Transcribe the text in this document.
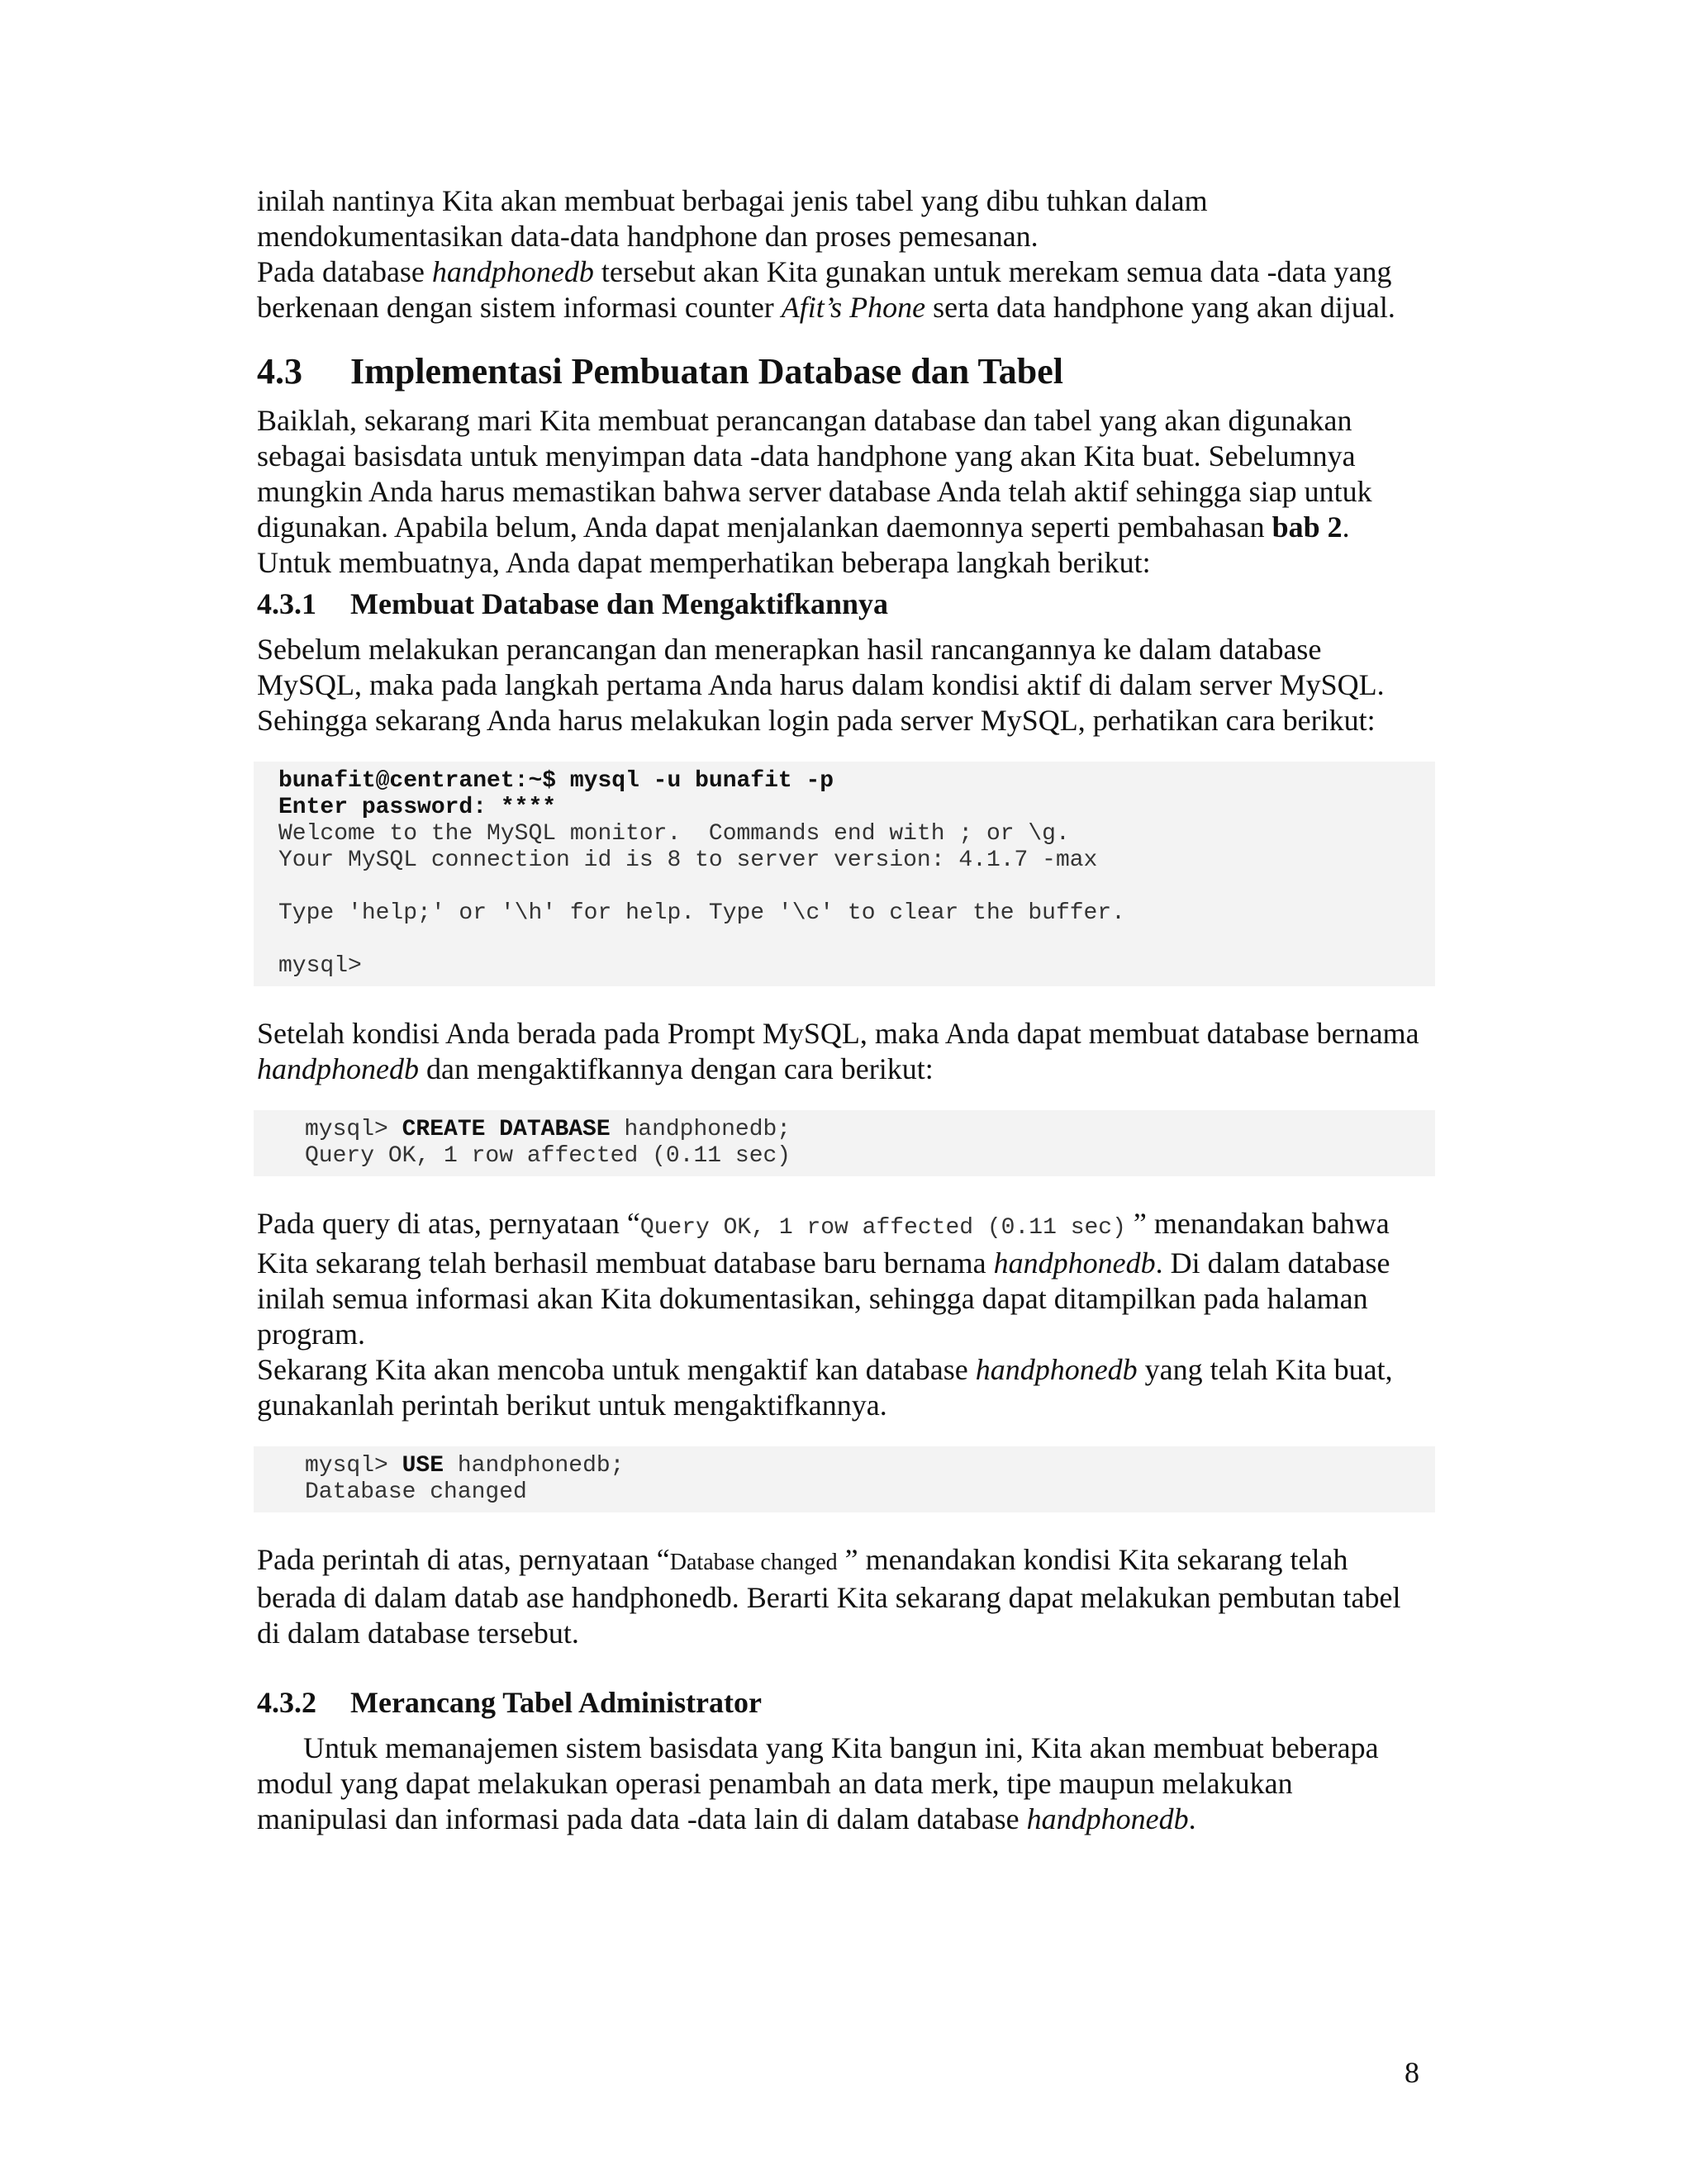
inilah nantinya Kita akan membuat berbagai jenis tabel yang dibu tuhkan dalam mendokumentasikan data-data handphone dan proses pemesanan.

Pada database handphonedb tersebut akan Kita gunakan untuk merekam semua data -data yang berkenaan dengan sistem informasi counter Afit’s Phone serta data handphone yang akan dijual.

4.3	Implementasi Pembuatan Database dan Tabel

Baiklah, sekarang mari Kita membuat perancangan database dan tabel yang akan digunakan sebagai basisdata untuk menyimpan data -data handphone yang akan Kita buat. Sebelumnya mungkin Anda harus memastikan bahwa server database Anda telah aktif sehingga siap untuk digunakan. Apabila belum, Anda dapat menjalankan daemonnya seperti pembahasan bab 2.

Untuk membuatnya, Anda dapat memperhatikan beberapa langkah berikut:

4.3.1	Membuat Database dan Mengaktifkannya

Sebelum melakukan perancangan dan menerapkan hasil rancangannya ke dalam database MySQL, maka pada langkah pertama Anda harus dalam kondisi aktif di dalam server MySQL. Sehingga sekarang Anda harus melakukan login pada server MySQL, perhatikan cara berikut:

bunafit@centranet:~$ mysql -u bunafit -p
Enter password: ****
Welcome to the MySQL monitor.  Commands end with ; or \g.
Your MySQL connection id is 8 to server version: 4.1.7 -max
Type 'help;' or '\h' for help. Type '\c' to clear the buffer.
mysql>

Setelah kondisi Anda berada pada Prompt MySQL, maka Anda dapat membuat database bernama handphonedb dan mengaktifkannya dengan cara berikut:

mysql> CREATE DATABASE handphonedb;
Query OK, 1 row affected (0.11 sec)

Pada query di atas, pernyataan “Query OK, 1 row affected (0.11 sec) ” menandakan bahwa Kita sekarang telah berhasil membuat database baru bernama handphonedb. Di dalam database inilah semua informasi akan Kita dokumentasikan, sehingga dapat ditampilkan pada halaman program.

Sekarang Kita akan mencoba untuk mengaktif kan database handphonedb yang telah Kita buat, gunakanlah perintah berikut untuk mengaktifkannya.

mysql> USE handphonedb;
Database changed

Pada perintah di atas, pernyataan “Database changed ” menandakan kondisi Kita sekarang telah berada di dalam datab ase handphonedb. Berarti Kita sekarang dapat melakukan pembutan tabel di dalam database tersebut.

4.3.2	Merancang Tabel Administrator

Untuk memanajemen sistem basisdata yang Kita bangun ini, Kita akan membuat beberapa modul yang dapat melakukan operasi penambah an data merk, tipe maupun melakukan manipulasi dan informasi pada data -data lain di dalam database handphonedb.

8
